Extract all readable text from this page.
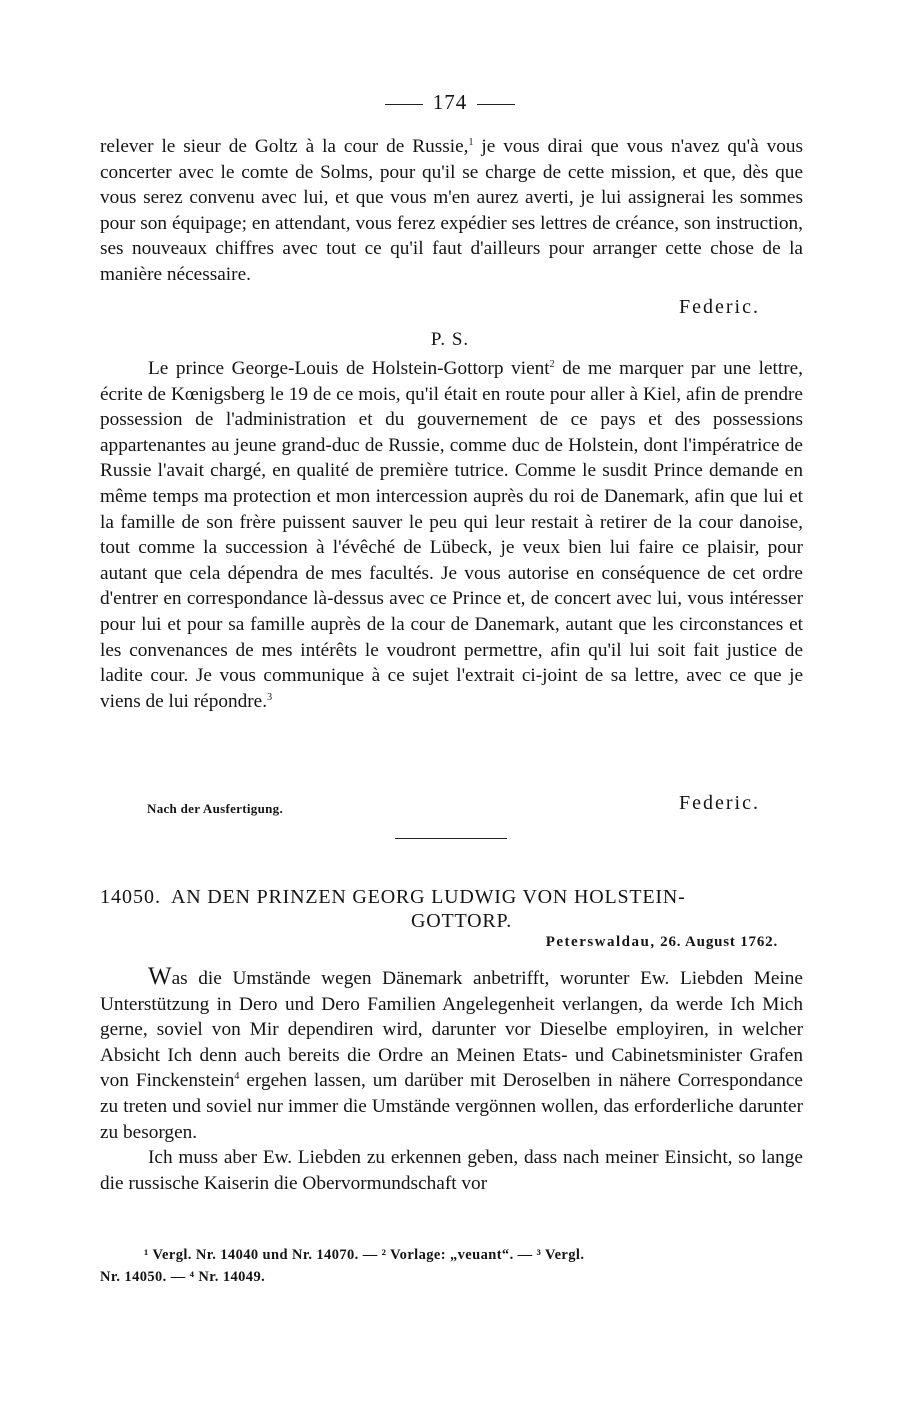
174

relever le sieur de Goltz à la cour de Russie,$^1$ je vous dirai que vous n'avez qu'à vous concerter avec le comte de Solms, pour qu'il se charge de cette mission, et que, dès que vous serez convenu avec lui, et que vous m'en aurez averti, je lui assignerai les sommes pour son équipage; en attendant, vous ferez expédier ses lettres de créance, son instruction, ses nouveaux chiffres avec tout ce qu'il faut d'ailleurs pour arranger cette chose de la manière nécessaire.

Federic.
P. S.

Le prince George-Louis de Holstein-Gottorp vient$^2$ de me marquer par une lettre, écrite de Kœnigsberg le 19 de ce mois, qu'il était en route pour aller à Kiel, afin de prendre possession de l'administration et du gouvernement de ce pays et des possessions appartenantes au jeune grand-duc de Russie, comme duc de Holstein, dont l'impératrice de Russie l'avait chargé, en qualité de première tutrice. Comme le susdit Prince demande en même temps ma protection et mon intercession auprès du roi de Danemark, afin que lui et la famille de son frère puissent sauver le peu qui leur restait à retirer de la cour danoise, tout comme la succession à l'évêché de Lübeck, je veux bien lui faire ce plaisir, pour autant que cela dépendra de mes facultés. Je vous autorise en conséquence de cet ordre d'entrer en correspondance là-dessus avec ce Prince et, de concert avec lui, vous intéresser pour lui et pour sa famille auprès de la cour de Danemark, autant que les circonstances et les convenances de mes intérêts le voudront permettre, afin qu'il lui soit fait justice de ladite cour. Je vous communique à ce sujet l'extrait ci-joint de sa lettre, avec ce que je viens de lui répondre.$^3$

Nach der Ausfertigung.	Federic.
14050. AN DEN PRINZEN GEORG LUDWIG VON HOLSTEIN-
GOTTORP.
Peterswaldau, 26. August 1762.

Was die Umstände wegen Dänemark anbetrifft, worunter Ew. Liebden Meine Unterstützung in Dero und Dero Familien Angelegenheit verlangen, da werde Ich Mich gerne, soviel von Mir dependiren wird, darunter vor Dieselbe employiren, in welcher Absicht Ich denn auch bereits die Ordre an Meinen Etats- und Cabinetsminister Grafen von Finckenstein$^4$ ergehen lassen, um darüber mit Deroselben in nähere Correspondance zu treten und soviel nur immer die Umstände vergönnen wollen, das erforderliche darunter zu besorgen.

Ich muss aber Ew. Liebden zu erkennen geben, dass nach meiner Einsicht, so lange die russische Kaiserin die Obervormundschaft vor

¹ Vergl. Nr. 14040 und Nr. 14070. — ² Vorlage: „veuant“. — ³ Vergl.
Nr. 14050. — ⁴ Nr. 14049.
